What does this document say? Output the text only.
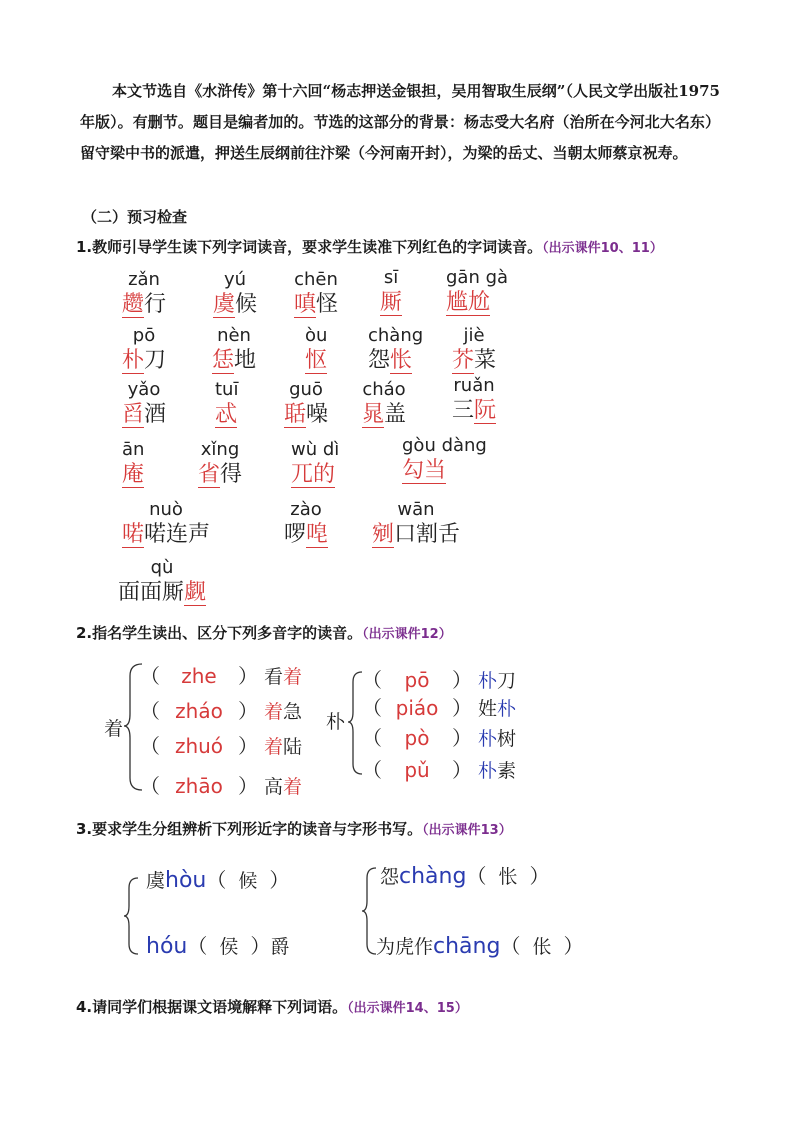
本文节选自《水浒传》第十六回“杨志押送金银担，吴用智取生辰纲”（人民文学出版社1975年版）。有删节。题目是编者加的。节选的这部分的背景：杨志受大名府（治所在今河北大名东）留守梁中书的派遣，押送生辰纲前往汴梁（今河南开封），为梁的岳丈、当朝太师蔡京祝寿。

（二）预习检查
1.教师引导学生读下列字词读音，要求学生读准下列红色的字词读音。（出示课件10、11）
zǎn
趱行
yú
虞候
chēn
嗔怪
sī
厮
gān gà
尴尬
pō
朴刀
nèn
恁地
òu
怄
chàng
怨怅
jiè
芥菜
yǎo
舀酒
tuī
忒
guō
聒噪
cháo
晁盖
ruǎn
三阮
ān
庵
xǐng
省得
wù dì
兀的
gòu dàng
勾当
nuò
喏喏连声
zào
啰唣
wān
剜口割舌
qù
面面厮觑
2.指名学生读出、区分下列多音字的读音。（出示课件12）
着
（ zhe ） 看着
（ zháo ） 着急
（ zhuó ） 着陆
（ zhāo ） 高着
朴
（ pō ） 朴刀
（ piáo ） 姓朴
（ pò ） 朴树
（ pǔ ） 朴素
3.要求学生分组辨析下列形近字的读音与字形书写。（出示课件13）
虞hòu（ 候 ）
hóu（ 侯 ）爵
怨chàng（ 怅 ）
为虎作chāng（ 伥 ）
4.请同学们根据课文语境解释下列词语。（出示课件14、15）
